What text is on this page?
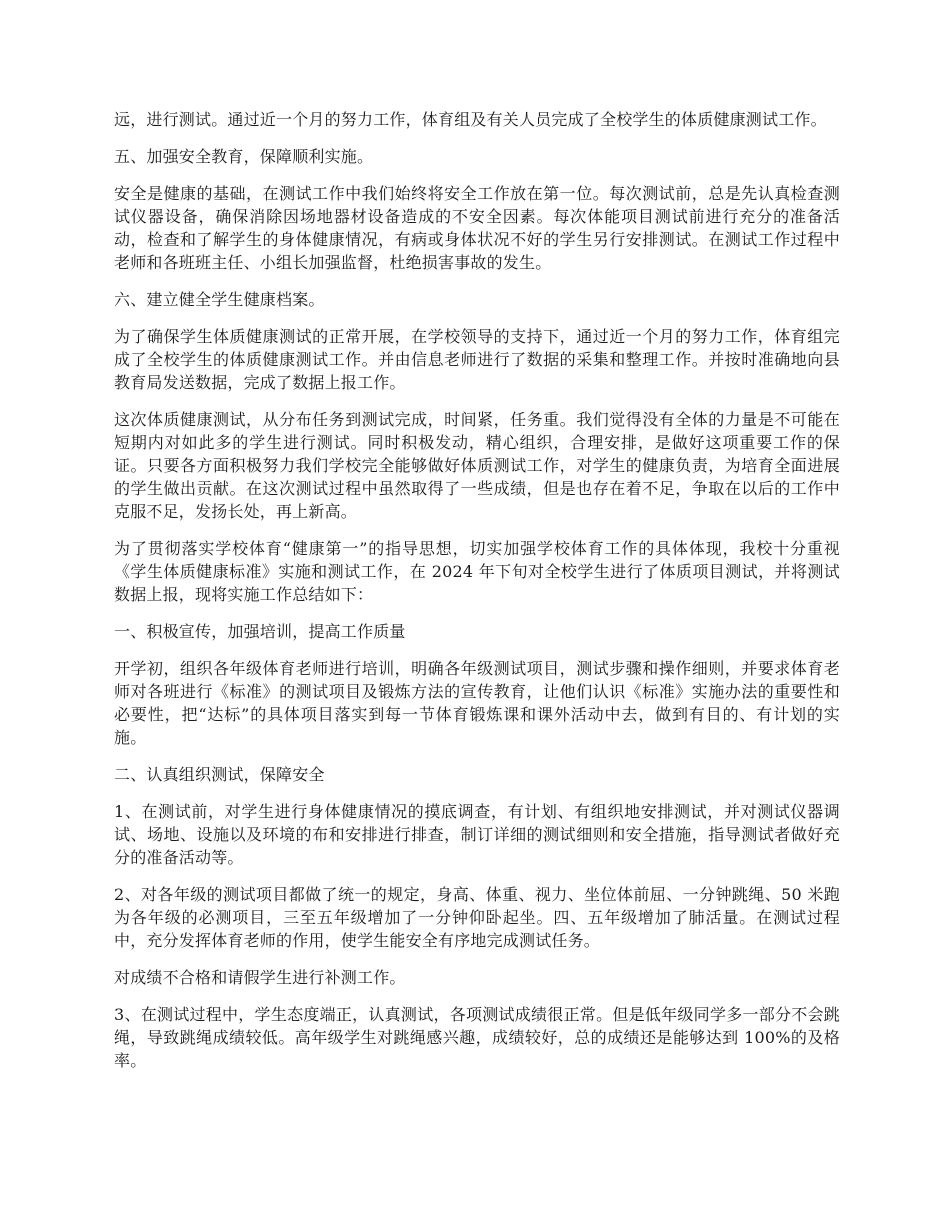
远，进行测试。通过近一个月的努力工作，体育组及有关人员完成了全校学生的体质健康测试工作。

五、加强安全教育，保障顺利实施。

安全是健康的基础，在测试工作中我们始终将安全工作放在第一位。每次测试前，总是先认真检查测试仪器设备，确保消除因场地器材设备造成的不安全因素。每次体能项目测试前进行充分的准备活动，检查和了解学生的身体健康情况，有病或身体状况不好的学生另行安排测试。在测试工作过程中老师和各班班主任、小组长加强监督，杜绝损害事故的发生。

六、建立健全学生健康档案。

为了确保学生体质健康测试的正常开展，在学校领导的支持下，通过近一个月的努力工作，体育组完成了全校学生的体质健康测试工作。并由信息老师进行了数据的采集和整理工作。并按时准确地向县教育局发送数据，完成了数据上报工作。

这次体质健康测试，从分布任务到测试完成，时间紧，任务重。我们觉得没有全体的力量是不可能在短期内对如此多的学生进行测试。同时积极发动，精心组织，合理安排，是做好这项重要工作的保证。只要各方面积极努力我们学校完全能够做好体质测试工作，对学生的健康负责，为培育全面进展的学生做出贡献。在这次测试过程中虽然取得了一些成绩，但是也存在着不足，争取在以后的工作中克服不足，发扬长处，再上新高。

为了贯彻落实学校体育“健康第一”的指导思想，切实加强学校体育工作的具体体现，我校十分重视《学生体质健康标准》实施和测试工作，在 2024 年下旬对全校学生进行了体质项目测试，并将测试数据上报，现将实施工作总结如下：

一、积极宣传，加强培训，提高工作质量

开学初，组织各年级体育老师进行培训，明确各年级测试项目，测试步骤和操作细则，并要求体育老师对各班进行《标准》的测试项目及锻炼方法的宣传教育，让他们认识《标准》实施办法的重要性和必要性，把“达标”的具体项目落实到每一节体育锻炼课和课外活动中去，做到有目的、有计划的实施。

二、认真组织测试，保障安全

1、在测试前，对学生进行身体健康情况的摸底调查，有计划、有组织地安排测试，并对测试仪器调试、场地、设施以及环境的布和安排进行排查，制订详细的测试细则和安全措施，指导测试者做好充分的准备活动等。

2、对各年级的测试项目都做了统一的规定，身高、体重、视力、坐位体前屈、一分钟跳绳、50 米跑为各年级的必测项目，三至五年级增加了一分钟仰卧起坐。四、五年级增加了肺活量。在测试过程中，充分发挥体育老师的作用，使学生能安全有序地完成测试任务。

对成绩不合格和请假学生进行补测工作。

3、在测试过程中，学生态度端正，认真测试，各项测试成绩很正常。但是低年级同学多一部分不会跳绳，导致跳绳成绩较低。高年级学生对跳绳感兴趣，成绩较好，总的成绩还是能够达到 100%的及格率。
